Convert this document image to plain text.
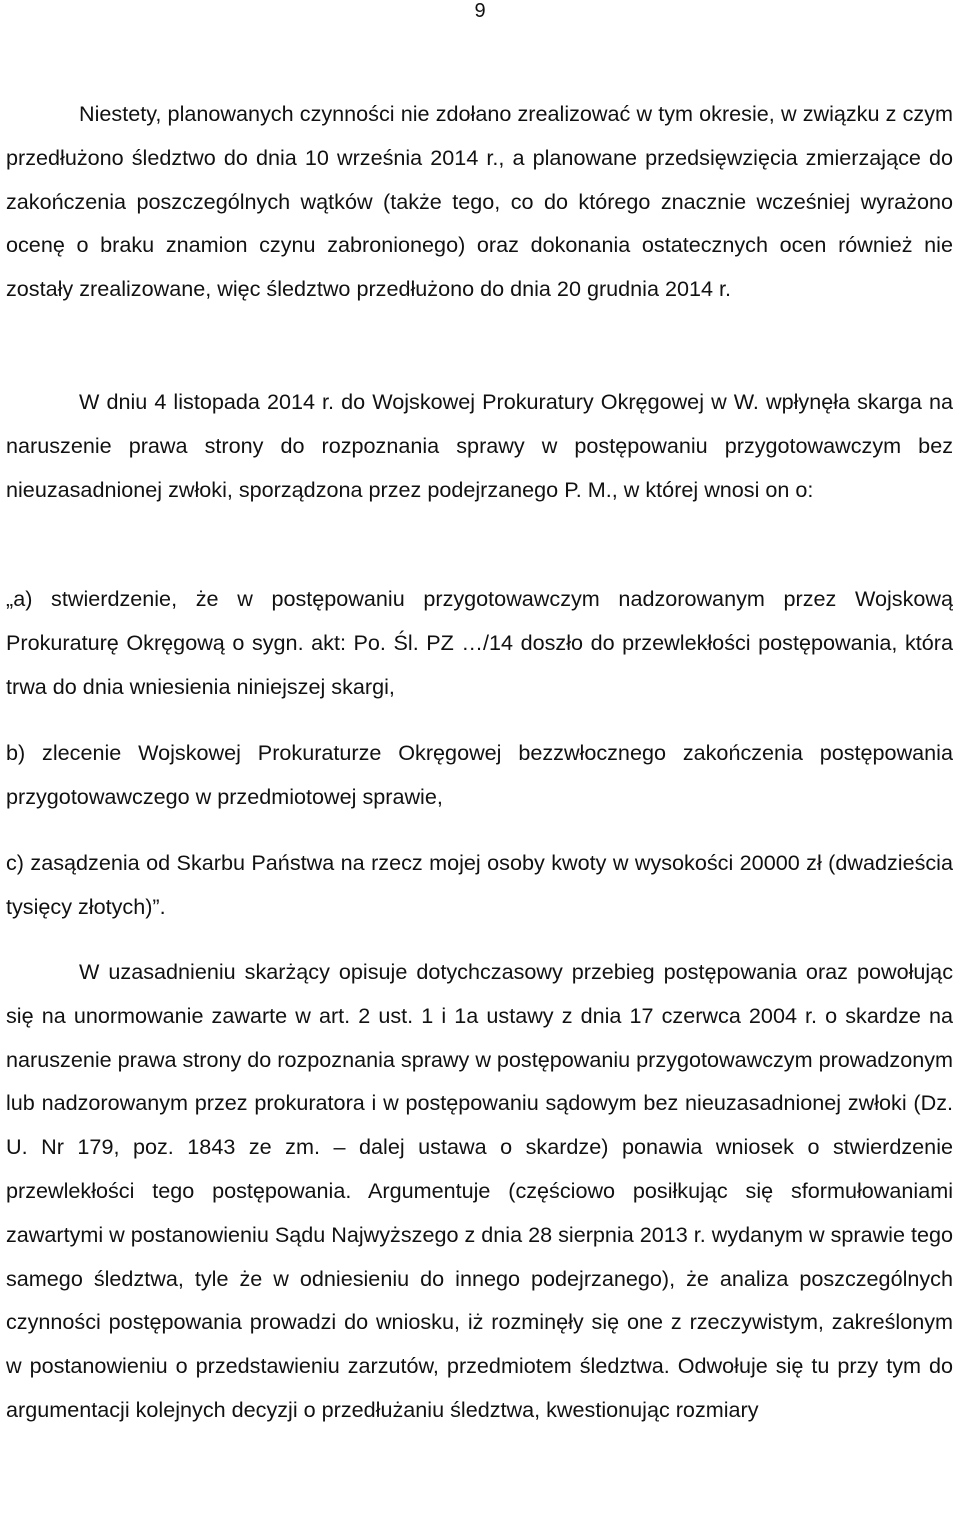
9
Niestety, planowanych czynności nie zdołano zrealizować w tym okresie, w związku z czym przedłużono śledztwo do dnia 10 września 2014 r., a planowane przedsięwzięcia zmierzające do zakończenia poszczególnych wątków (także tego, co do którego znacznie wcześniej wyrażono ocenę o braku znamion czynu zabronionego) oraz dokonania ostatecznych ocen również nie zostały zrealizowane, więc śledztwo przedłużono do dnia 20 grudnia 2014 r.
W dniu 4 listopada 2014 r. do Wojskowej Prokuratury Okręgowej w W. wpłynęła skarga na naruszenie prawa strony do rozpoznania sprawy w postępowaniu przygotowawczym bez nieuzasadnionej zwłoki, sporządzona przez podejrzanego P. M., w której wnosi on o:
„a) stwierdzenie, że w postępowaniu przygotowawczym nadzorowanym przez Wojskową Prokuraturę Okręgową o sygn. akt: Po. Śl. PZ …/14 doszło do przewlekłości postępowania, która trwa do dnia wniesienia niniejszej skargi,
b) zlecenie Wojskowej Prokuraturze Okręgowej bezzwłocznego zakończenia postępowania przygotowawczego w przedmiotowej sprawie,
c) zasądzenia od Skarbu Państwa na rzecz mojej osoby kwoty w wysokości 20000 zł (dwadzieścia tysięcy złotych)”.
W uzasadnieniu skarżący opisuje dotychczasowy przebieg postępowania oraz powołując się na unormowanie zawarte w art. 2 ust. 1 i 1a ustawy z dnia 17 czerwca 2004 r. o skardze na naruszenie prawa strony do rozpoznania sprawy w postępowaniu przygotowawczym prowadzonym lub nadzorowanym przez prokuratora i w postępowaniu sądowym bez nieuzasadnionej zwłoki (Dz. U. Nr 179, poz. 1843 ze zm. – dalej ustawa o skardze) ponawia wniosek o stwierdzenie przewlekłości tego postępowania. Argumentuje (częściowo posiłkując się sformułowaniami zawartymi w postanowieniu Sądu Najwyższego z dnia 28 sierpnia 2013 r. wydanym w sprawie tego samego śledztwa, tyle że w odniesieniu do innego podejrzanego), że analiza poszczególnych czynności postępowania prowadzi do wniosku, iż rozminęły się one z rzeczywistym, zakreślonym w postanowieniu o przedstawieniu zarzutów, przedmiotem śledztwa. Odwołuje się tu przy tym do argumentacji kolejnych decyzji o przedłużaniu śledztwa, kwestionując rozmiary
